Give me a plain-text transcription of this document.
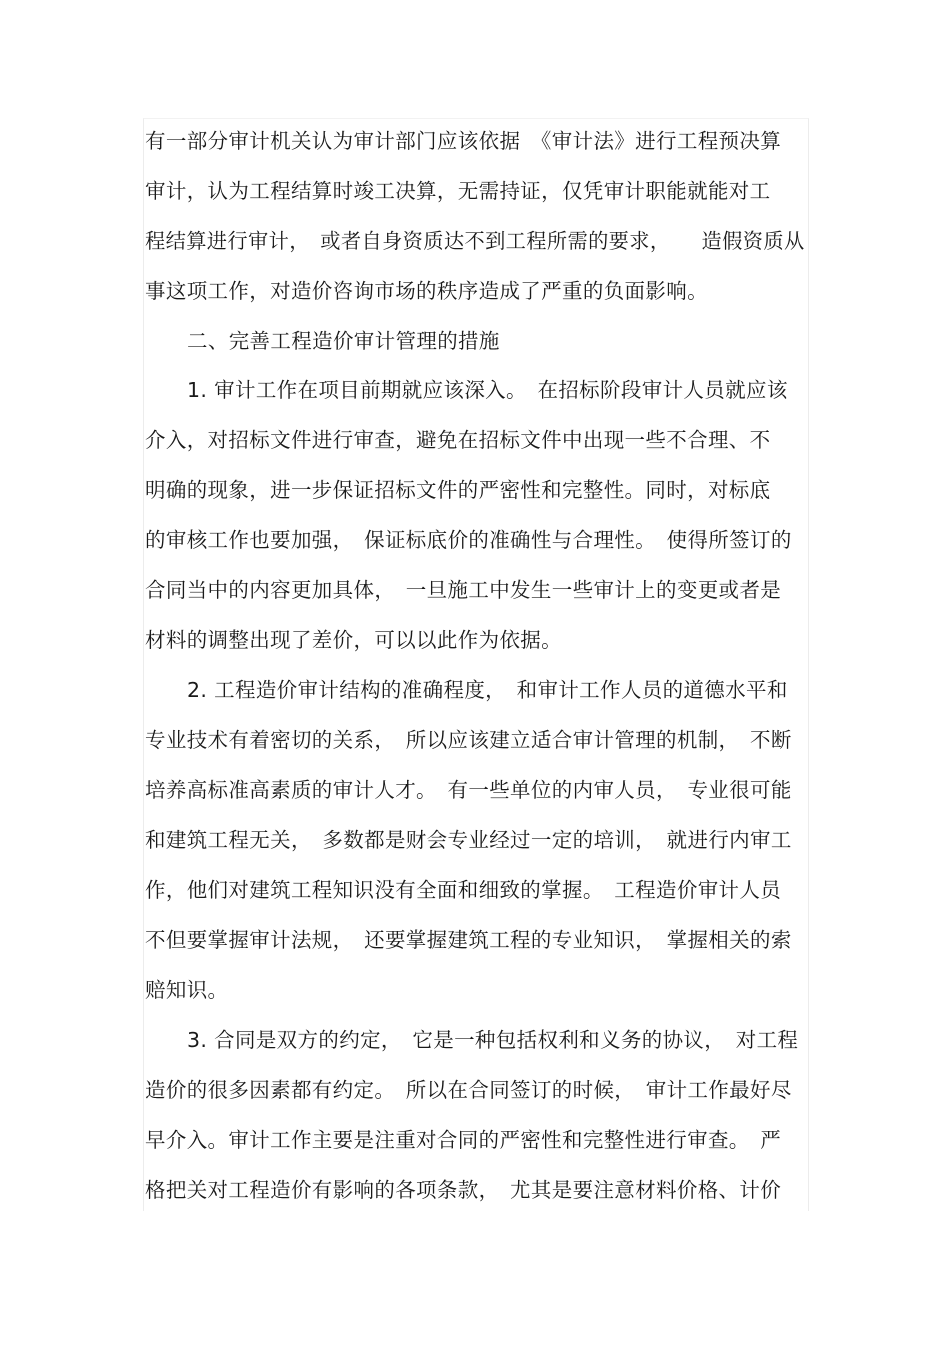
有一部分审计机关认为审计部门应该依据　《审计法》进行工程预决算
审计，认为工程结算时竣工决算，无需持证，仅凭审计职能就能对工
程结算进行审计，　或者自身资质达不到工程所需的要求，　　造假资质从
事这项工作，对造价咨询市场的秩序造成了严重的负面影响。
二、完善工程造价审计管理的措施
1. 审计工作在项目前期就应该深入。　在招标阶段审计人员就应该
介入，对招标文件进行审查，避免在招标文件中出现一些不合理、不
明确的现象，进一步保证招标文件的严密性和完整性。同时，对标底
的审核工作也要加强，　保证标底价的准确性与合理性。　使得所签订的
合同当中的内容更加具体，　一旦施工中发生一些审计上的变更或者是
材料的调整出现了差价，可以以此作为依据。
2. 工程造价审计结构的准确程度，　和审计工作人员的道德水平和
专业技术有着密切的关系，　所以应该建立适合审计管理的机制，　不断
培养高标准高素质的审计人才。　有一些单位的内审人员，　专业很可能
和建筑工程无关，　多数都是财会专业经过一定的培训，　就进行内审工
作，他们对建筑工程知识没有全面和细致的掌握。　工程造价审计人员
不但要掌握审计法规，　还要掌握建筑工程的专业知识，　掌握相关的索
赔知识。
3. 合同是双方的约定，　它是一种包括权利和义务的协议，　对工程
造价的很多因素都有约定。　所以在合同签订的时候，　审计工作最好尽
早介入。审计工作主要是注重对合同的严密性和完整性进行审查。　严
格把关对工程造价有影响的各项条款，　尤其是要注意材料价格、计价
